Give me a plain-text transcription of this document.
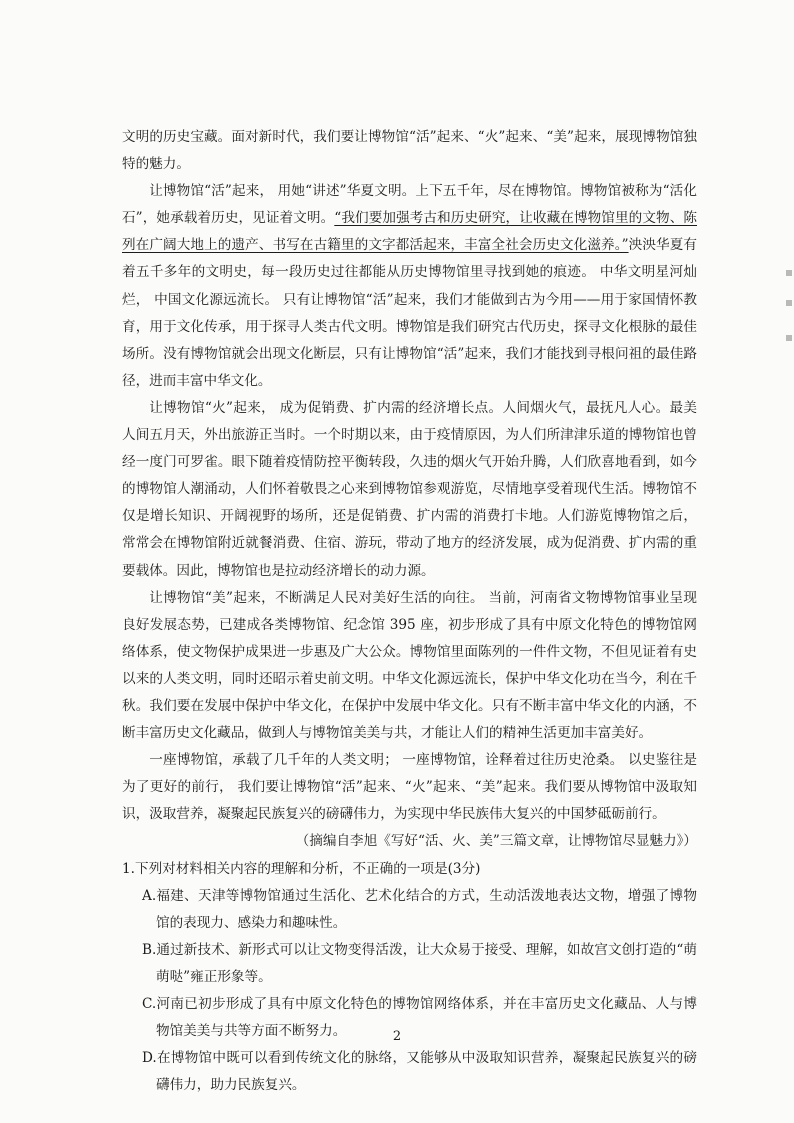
文明的历史宝藏。面对新时代，我们要让博物馆“活”起来、“火”起来、“美”起来，展现博物馆独特的魅力。

让博物馆“活”起来， 用她“讲述”华夏文明。上下五千年，尽在博物馆。博物馆被称为“活化石”，她承载着历史，见证着文明。“我们要加强考古和历史研究，让收藏在博物馆里的文物、陈列在广阔大地上的遗产、书写在古籍里的文字都活起来，丰富全社会历史文化滋养。”泱泱华夏有着五千多年的文明史，每一段历史过往都能从历史博物馆里寻找到她的痕迹。 中华文明星河灿烂， 中国文化源远流长。 只有让博物馆“活”起来，我们才能做到古为今用——用于家国情怀教育，用于文化传承，用于探寻人类古代文明。博物馆是我们研究古代历史，探寻文化根脉的最佳场所。没有博物馆就会出现文化断层，只有让博物馆“活”起来，我们才能找到寻根问祖的最佳路径，进而丰富中华文化。

让博物馆“火”起来， 成为促销费、扩内需的经济增长点。人间烟火气，最抚凡人心。最美人间五月天，外出旅游正当时。一个时期以来，由于疫情原因，为人们所津津乐道的博物馆也曾经一度门可罗雀。眼下随着疫情防控平衡转段，久违的烟火气开始升腾，人们欣喜地看到，如今的博物馆人潮涌动，人们怀着敬畏之心来到博物馆参观游览，尽情地享受着现代生活。博物馆不仅是增长知识、开阔视野的场所，还是促销费、扩内需的消费打卡地。人们游览博物馆之后， 常常会在博物馆附近就餐消费、住宿、游玩，带动了地方的经济发展，成为促消费、扩内需的重要载体。因此，博物馆也是拉动经济增长的动力源。

让博物馆“美”起来，不断满足人民对美好生活的向往。 当前，河南省文物博物馆事业呈现良好发展态势，已建成各类博物馆、纪念馆 395 座，初步形成了具有中原文化特色的博物馆网络体系，使文物保护成果进一步惠及广大公众。博物馆里面陈列的一件件文物，不但见证着有史以来的人类文明，同时还昭示着史前文明。中华文化源远流长，保护中华文化功在当今，利在千秋。我们要在发展中保护中华文化，在保护中发展中华文化。只有不断丰富中华文化的内涵，不断丰富历史文化藏品，做到人与博物馆美美与共，才能让人们的精神生活更加丰富美好。

一座博物馆，承载了几千年的人类文明； 一座博物馆，诠释着过往历史沧桑。 以史鉴往是为了更好的前行， 我们要让博物馆“活”起来、“火”起来、“美”起来。我们要从博物馆中汲取知识，汲取营养，凝聚起民族复兴的磅礴伟力，为实现中华民族伟大复兴的中国梦砥砺前行。

（摘编自李旭《写好“活、火、美”三篇文章，让博物馆尽显魅力》）

1.下列对材料相关内容的理解和分析，不正确的一项是(3分)

A.福建、天津等博物馆通过生活化、艺术化结合的方式，生动活泼地表达文物，增强了博物馆的表现力、感染力和趣味性。

B.通过新技术、新形式可以让文物变得活泼，让大众易于接受、理解，如故宫文创打造的“萌萌哒”雍正形象等。

C.河南已初步形成了具有中原文化特色的博物馆网络体系，并在丰富历史文化藏品、人与博物馆美美与共等方面不断努力。

D.在博物馆中既可以看到传统文化的脉络，又能够从中汲取知识营养，凝聚起民族复兴的磅礴伟力，助力民族复兴。

2
